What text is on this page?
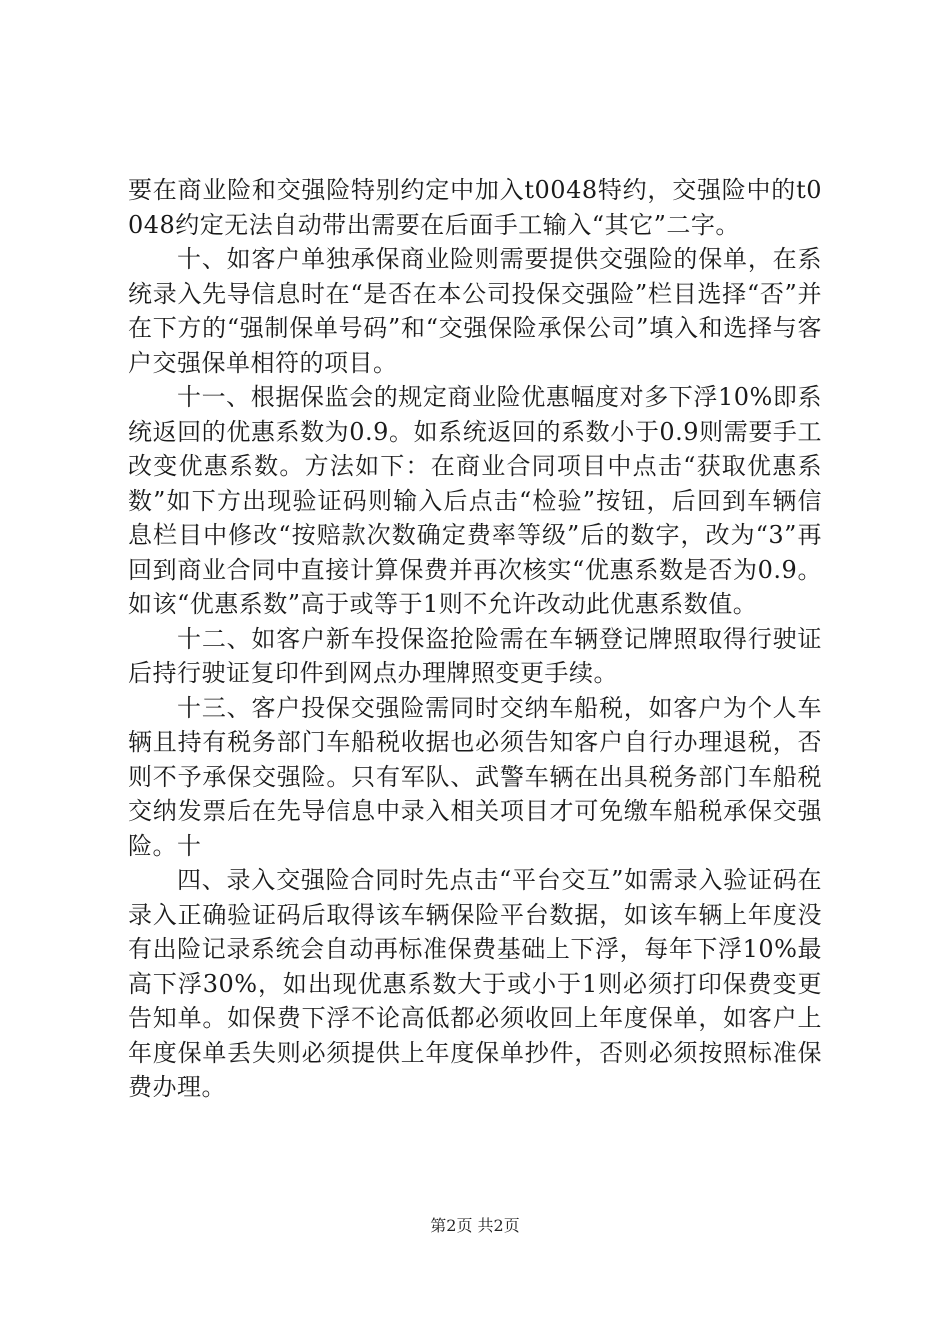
要在商业险和交强险特别约定中加入t0048特约，交强险中的t0048约定无法自动带出需要在后面手工输入“其它”二字。

十、如客户单独承保商业险则需要提供交强险的保单，在系统录入先导信息时在“是否在本公司投保交强险”栏目选择“否”并在下方的“强制保单号码”和“交强保险承保公司”填入和选择与客户交强保单相符的项目。

十一、根据保监会的规定商业险优惠幅度对多下浮10%即系统返回的优惠系数为0.9。如系统返回的系数小于0.9则需要手工改变优惠系数。方法如下：在商业合同项目中点击“获取优惠系数”如下方出现验证码则输入后点击“检验”按钮，后回到车辆信息栏目中修改“按赔款次数确定费率等级”后的数字，改为“3”再回到商业合同中直接计算保费并再次核实“优惠系数是否为0.9。如该“优惠系数”高于或等于1则不允许改动此优惠系数值。

十二、如客户新车投保盗抢险需在车辆登记牌照取得行驶证后持行驶证复印件到网点办理牌照变更手续。

十三、客户投保交强险需同时交纳车船税，如客户为个人车辆且持有税务部门车船税收据也必须告知客户自行办理退税，否则不予承保交强险。只有军队、武警车辆在出具税务部门车船税交纳发票后在先导信息中录入相关项目才可免缴车船税承保交强险。十

四、录入交强险合同时先点击“平台交互”如需录入验证码在录入正确验证码后取得该车辆保险平台数据，如该车辆上年度没有出险记录系统会自动再标准保费基础上下浮，每年下浮10%最高下浮30%，如出现优惠系数大于或小于1则必须打印保费变更告知单。如保费下浮不论高低都必须收回上年度保单，如客户上年度保单丢失则必须提供上年度保单抄件，否则必须按照标准保费办理。

第2页 共2页
